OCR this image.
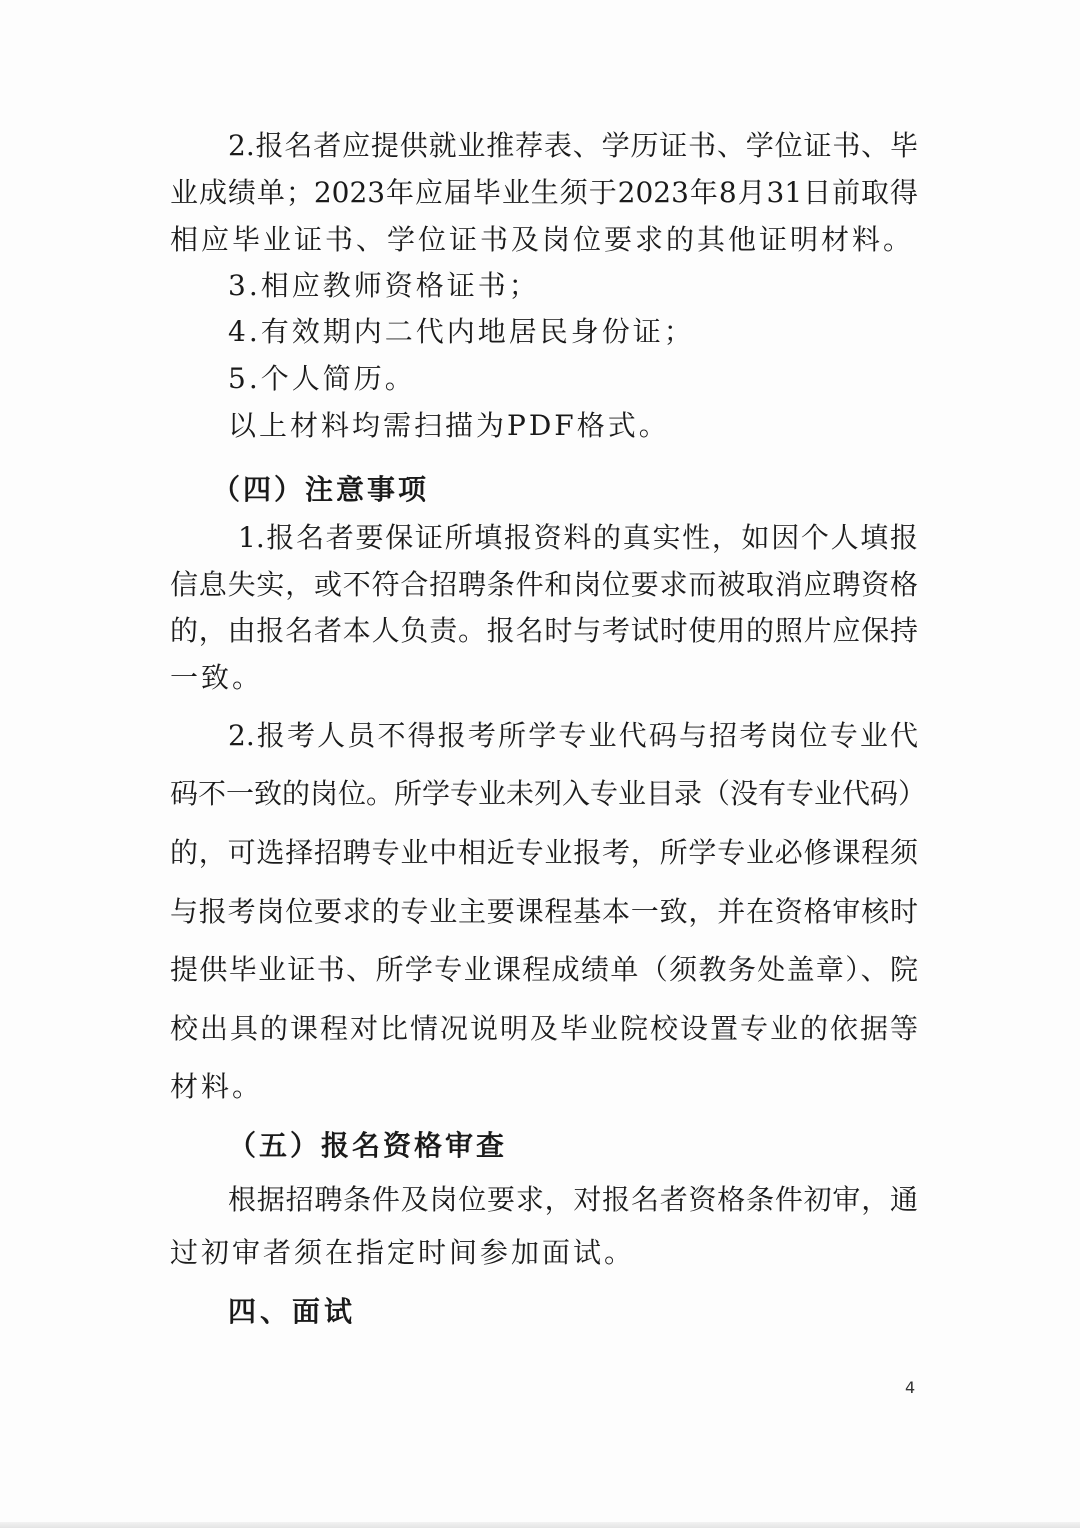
2.报名者应提供就业推荐表、学历证书、学位证书、毕
业成绩单；2023年应届毕业生须于2023年8月31日前取得
相应毕业证书、学位证书及岗位要求的其他证明材料。
3.相应教师资格证书；
4.有效期内二代内地居民身份证；
5.个人简历。
以上材料均需扫描为PDF格式。
（四）注意事项
1.报名者要保证所填报资料的真实性，如因个人填报
信息失实，或不符合招聘条件和岗位要求而被取消应聘资格
的，由报名者本人负责。报名时与考试时使用的照片应保持
一致。
2.报考人员不得报考所学专业代码与招考岗位专业代
码不一致的岗位。所学专业未列入专业目录（没有专业代码）
的，可选择招聘专业中相近专业报考，所学专业必修课程须
与报考岗位要求的专业主要课程基本一致，并在资格审核时
提供毕业证书、所学专业课程成绩单（须教务处盖章）、院
校出具的课程对比情况说明及毕业院校设置专业的依据等
材料。
（五）报名资格审查
根据招聘条件及岗位要求，对报名者资格条件初审，通
过初审者须在指定时间参加面试。
四、面试
4
